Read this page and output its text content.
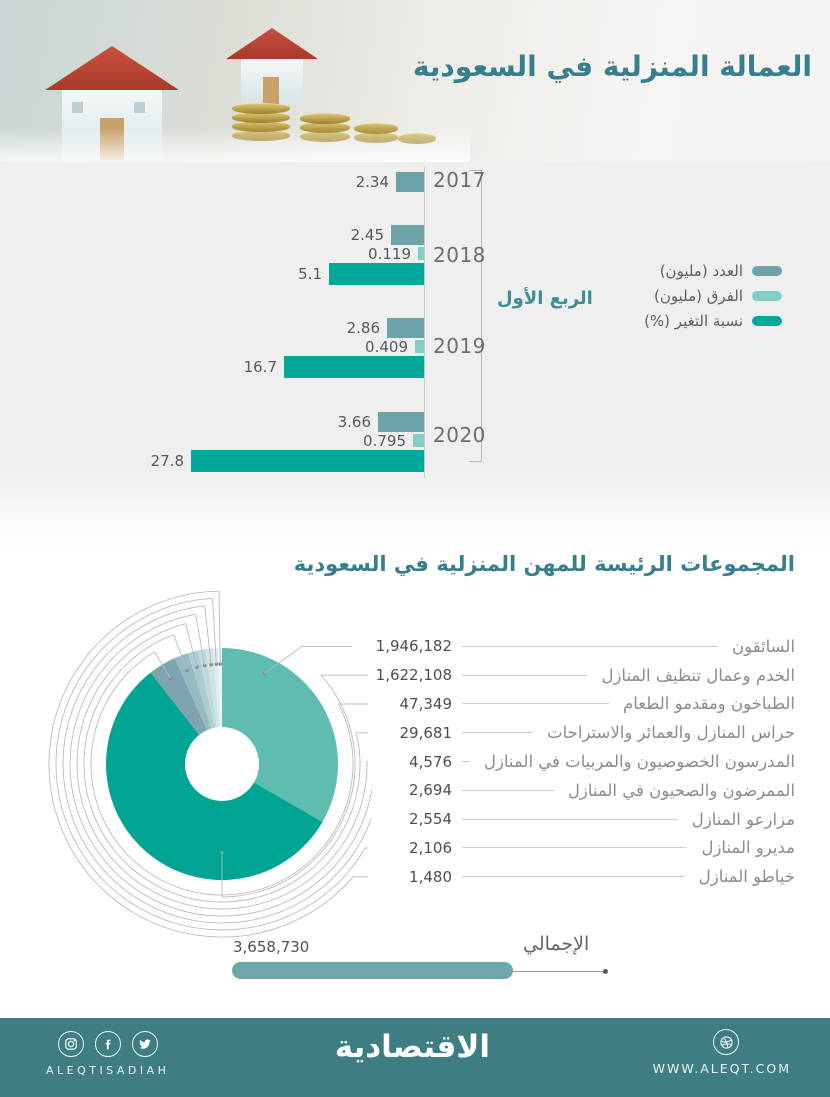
العمالة المنزلية في السعودية
الربع الأول
العدد (مليون)
الفرق (مليون)
نسبة التغير (%)
المجموعات الرئيسة للمهن المنزلية في السعودية
1,946,182	السائقون
1,622,108	الخدم وعمال تنظيف المنازل
47,349	الطباخون ومقدمو الطعام
29,681	حراس المنازل والعمائر والاستراحات
4,576 المدرسون الخصوصيون والمربيات في المنازل
2,694	الممرضون والصحيون في المنازل
2,554	مزارعو المنازل
2,106	مديرو المنازل
1,480	خياطو المنازل
3,658,730	الإجمالي
ALEQTISADIAH
الاقتصادية
WWW.ALEQT.COM
2.34 2017
2.45
0.119
5.1
2018
2.86
0.409
16.7
2019
3.66
0.795
27.8
2020
